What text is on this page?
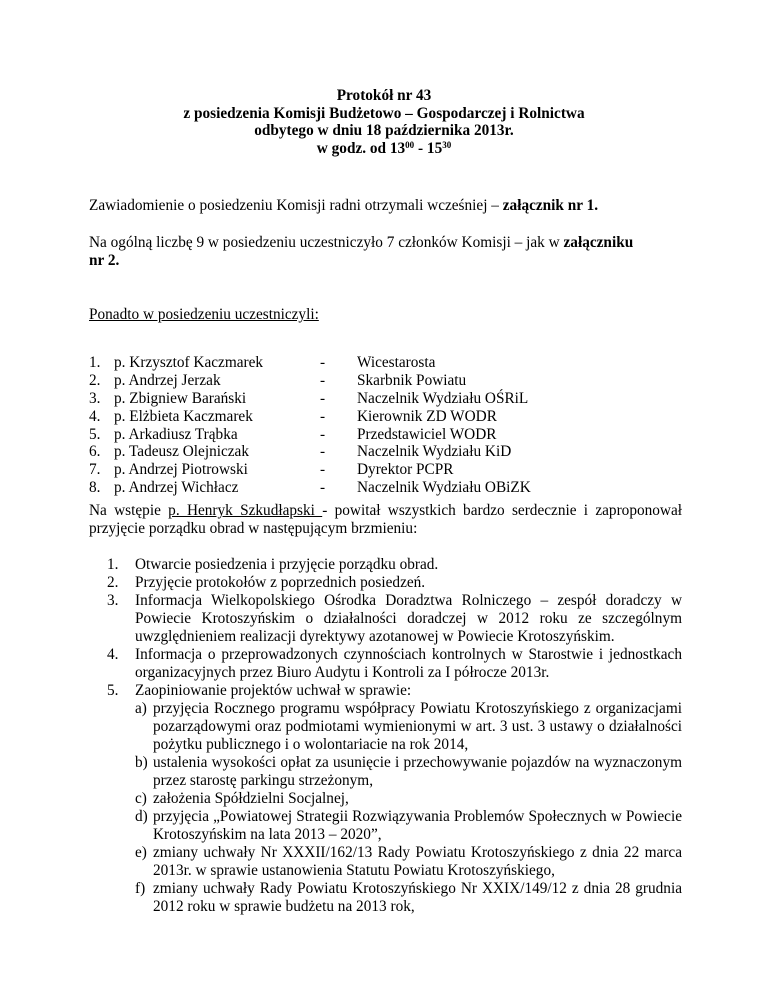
Protokół nr 43
z posiedzenia Komisji Budżetowo – Gospodarczej i Rolnictwa
odbytego w dniu 18 października 2013r.
w godz. od $13^{00} - 15^{30}$
Zawiadomienie o posiedzeniu Komisji radni otrzymali wcześniej – załącznik nr 1.
Na ogólną liczbę 9 w posiedzeniu uczestniczyło 7 członków Komisji – jak w załączniku
nr 2.
Ponadto w posiedzeniu uczestniczyli:
1. p. Krzysztof Kaczmarek	- Wicestarosta
2. p. Andrzej Jerzak	- Skarbnik Powiatu
3. p. Zbigniew Barański	- Naczelnik Wydziału OŚRiL
4. p. Elżbieta Kaczmarek	- Kierownik ZD WODR
5. p. Arkadiusz Trąbka	- Przedstawiciel WODR
6. p. Tadeusz Olejniczak	- Naczelnik Wydziału KiD
7. p. Andrzej Piotrowski	- Dyrektor PCPR
8. p. Andrzej Wichłacz	- Naczelnik Wydziału OBiZK
Na wstępie p. Henryk Szkudłapski - powitał wszystkich bardzo serdecznie i zaproponował przyjęcie porządku obrad w następującym brzmieniu:
1. Otwarcie posiedzenia i przyjęcie porządku obrad.
2. Przyjęcie protokołów z poprzednich posiedzeń.
3. Informacja Wielkopolskiego Ośrodka Doradztwa Rolniczego – zespół doradczy w Powiecie Krotoszyńskim o działalności doradczej w 2012 roku ze szczególnym uwzględnieniem realizacji dyrektywy azotanowej w Powiecie Krotoszyńskim.
4. Informacja o przeprowadzonych czynnościach kontrolnych w Starostwie i jednostkach organizacyjnych przez Biuro Audytu i Kontroli za I półrocze 2013r.
5. Zaopiniowanie projektów uchwał w sprawie:
a) przyjęcia Rocznego programu współpracy Powiatu Krotoszyńskiego z organizacjami pozarządowymi oraz podmiotami wymienionymi w art. 3 ust. 3 ustawy o działalności pożytku publicznego i o wolontariacie na rok 2014,
b) ustalenia wysokości opłat za usunięcie i przechowywanie pojazdów na wyznaczonym przez starostę parkingu strzeżonym,
c) założenia Spółdzielni Socjalnej,
d) przyjęcia „Powiatowej Strategii Rozwiązywania Problemów Społecznych w Powiecie Krotoszyńskim na lata 2013 – 2020”,
e) zmiany uchwały Nr XXXII/162/13 Rady Powiatu Krotoszyńskiego z dnia 22 marca 2013r. w sprawie ustanowienia Statutu Powiatu Krotoszyńskiego,
f) zmiany uchwały Rady Powiatu Krotoszyńskiego Nr XXIX/149/12 z dnia 28 grudnia 2012 roku w sprawie budżetu na 2013 rok,
